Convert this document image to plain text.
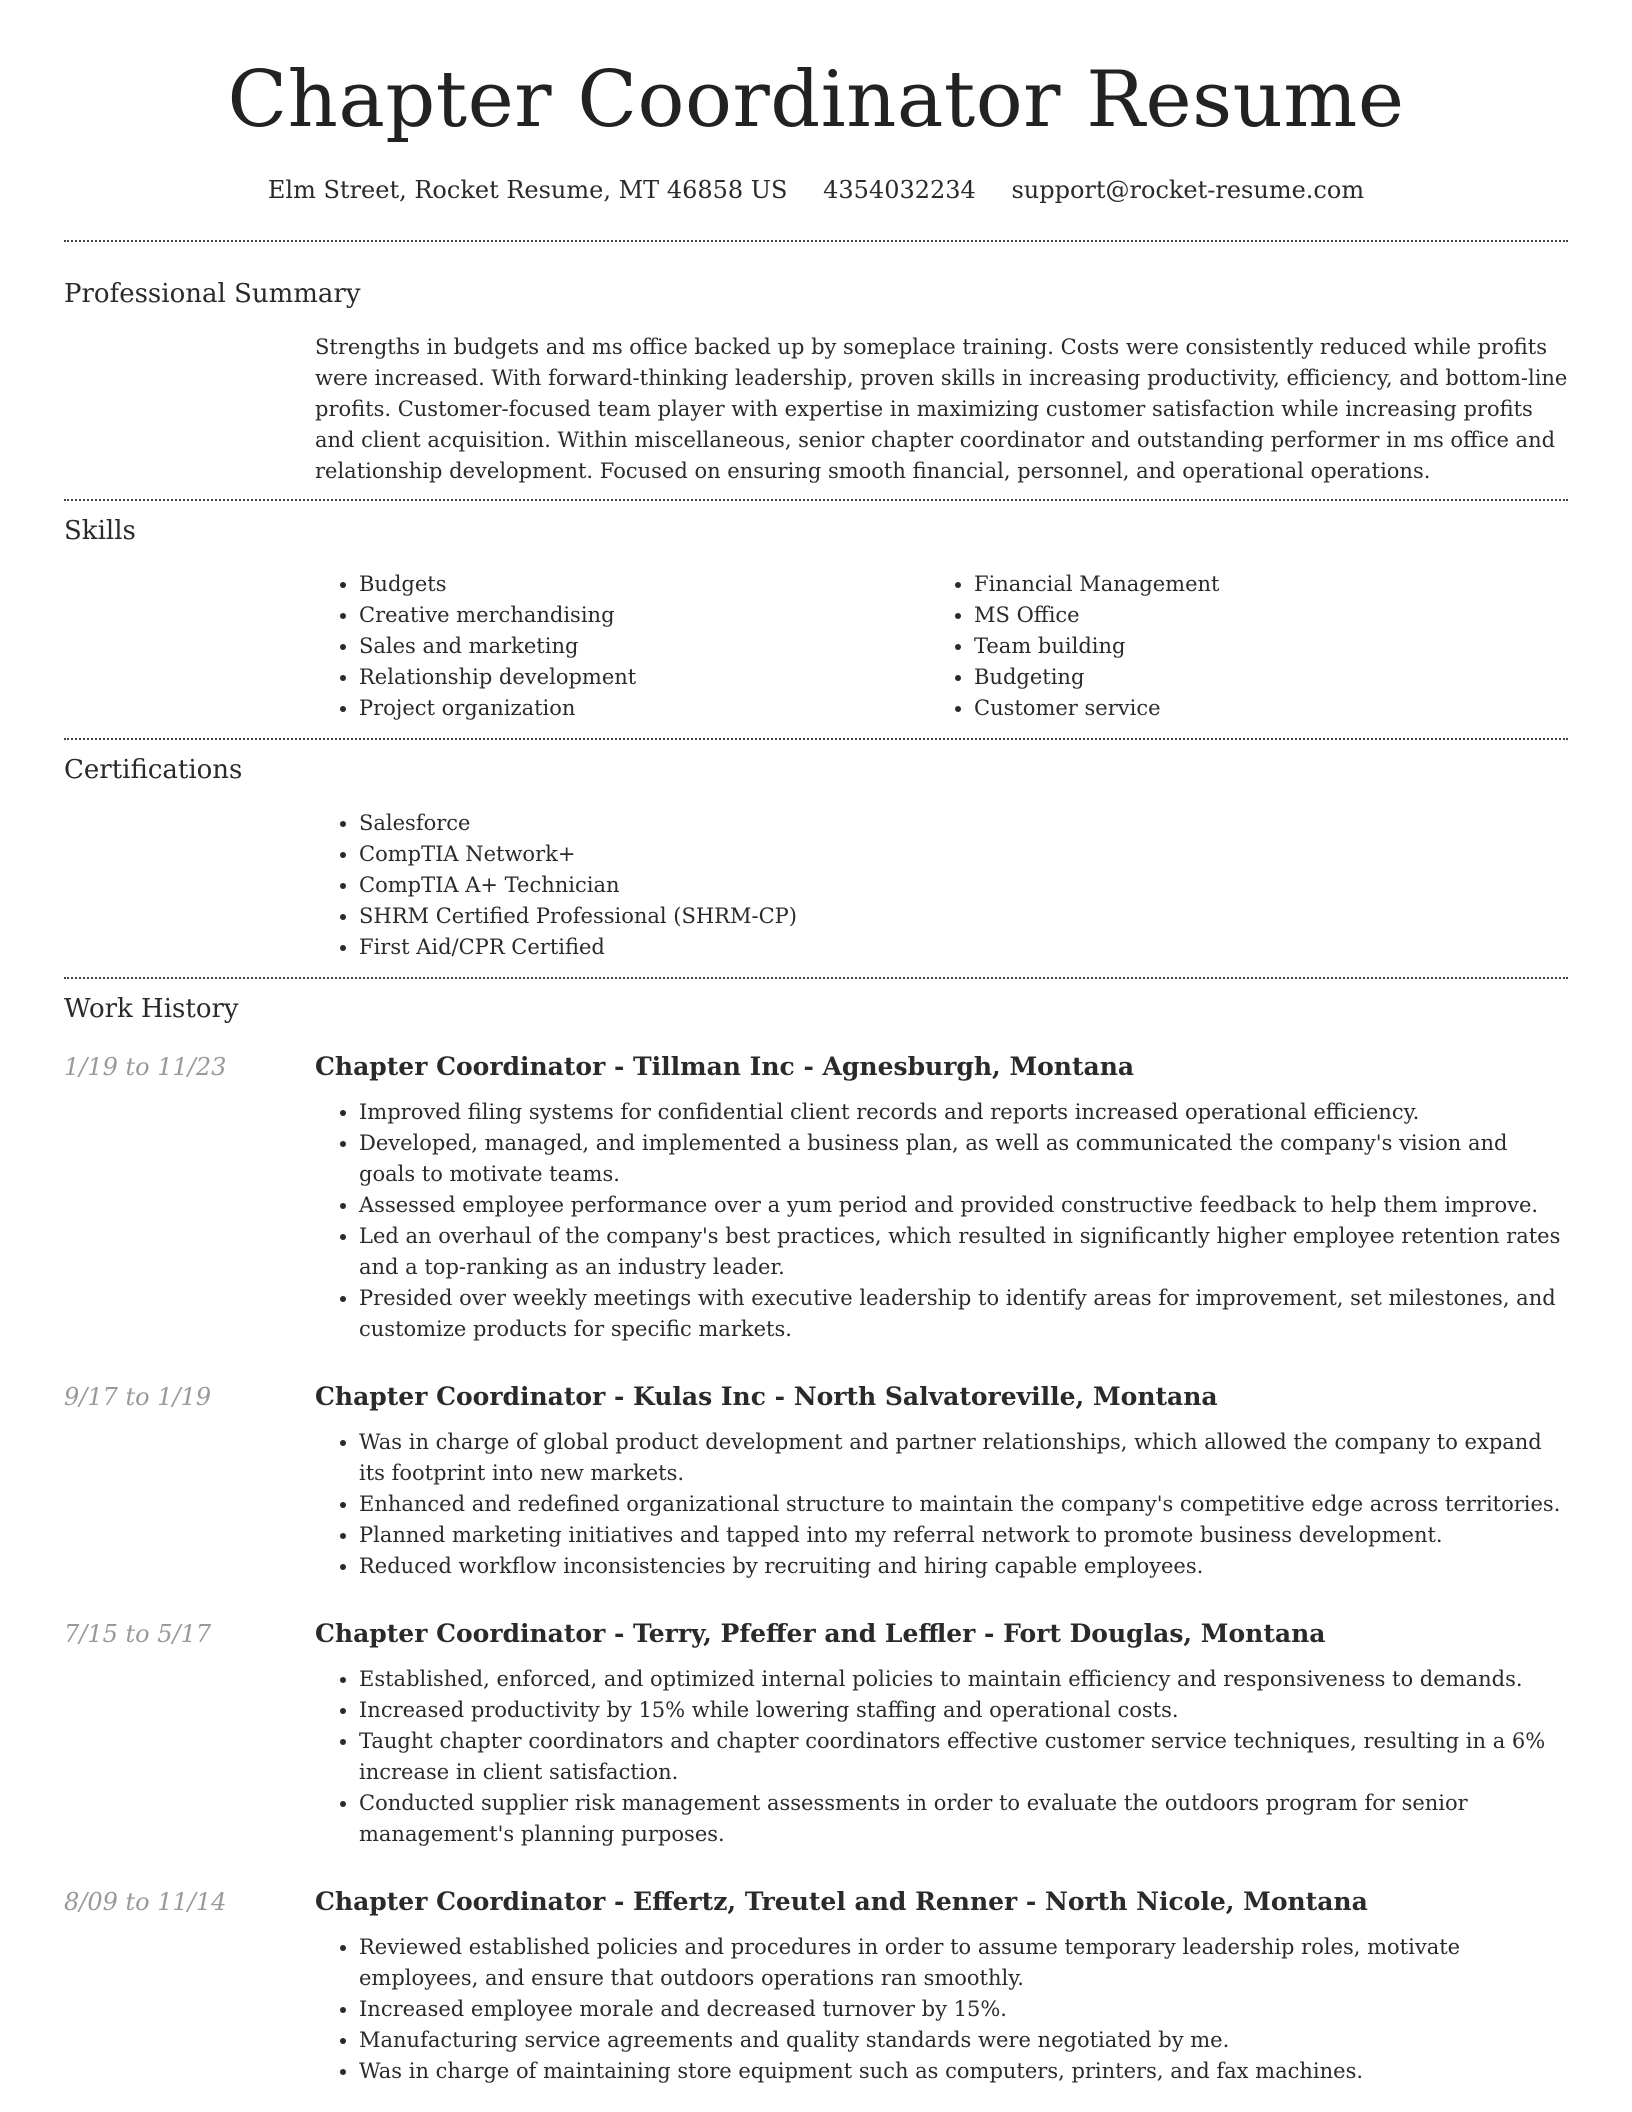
Chapter Coordinator Resume
Elm Street, Rocket Resume, MT 46858 US 4354032234 support@rocket-resume.com
Professional Summary

Strengths in budgets and ms office backed up by someplace training. Costs were consistently reduced while profits were increased. With forward-thinking leadership, proven skills in increasing productivity, efficiency, and bottom-line profits. Customer-focused team player with expertise in maximizing customer satisfaction while increasing profits and client acquisition. Within miscellaneous, senior chapter coordinator and outstanding performer in ms office and relationship development. Focused on ensuring smooth financial, personnel, and operational operations.

Skills
• Budgets
• Creative merchandising
• Sales and marketing
• Relationship development
• Project organization
• Financial Management
• MS Office
• Team building
• Budgeting
• Customer service
Certifications
• Salesforce
• CompTIA Network+
• CompTIA A+ Technician
• SHRM Certified Professional (SHRM-CP)
• First Aid/CPR Certified
Work History
1/19 to 11/23	Chapter Coordinator - Tillman Inc - Agnesburgh, Montana
• Improved filing systems for confidential client records and reports increased operational efficiency.
• Developed, managed, and implemented a business plan, as well as communicated the company's vision and goals to motivate teams.
• Assessed employee performance over a yum period and provided constructive feedback to help them improve.
• Led an overhaul of the company's best practices, which resulted in significantly higher employee retention rates and a top-ranking as an industry leader.
• Presided over weekly meetings with executive leadership to identify areas for improvement, set milestones, and customize products for specific markets.
9/17 to 1/19	Chapter Coordinator - Kulas Inc - North Salvatoreville, Montana
• Was in charge of global product development and partner relationships, which allowed the company to expand its footprint into new markets.
• Enhanced and redefined organizational structure to maintain the company's competitive edge across territories.
• Planned marketing initiatives and tapped into my referral network to promote business development.
• Reduced workflow inconsistencies by recruiting and hiring capable employees.
7/15 to 5/17	Chapter Coordinator - Terry, Pfeffer and Leffler - Fort Douglas, Montana
• Established, enforced, and optimized internal policies to maintain efficiency and responsiveness to demands.
• Increased productivity by 15% while lowering staffing and operational costs.
• Taught chapter coordinators and chapter coordinators effective customer service techniques, resulting in a 6% increase in client satisfaction.
• Conducted supplier risk management assessments in order to evaluate the outdoors program for senior management's planning purposes.
8/09 to 11/14	Chapter Coordinator - Effertz, Treutel and Renner - North Nicole, Montana
• Reviewed established policies and procedures in order to assume temporary leadership roles, motivate employees, and ensure that outdoors operations ran smoothly.
• Increased employee morale and decreased turnover by 15%.
• Manufacturing service agreements and quality standards were negotiated by me.
• Was in charge of maintaining store equipment such as computers, printers, and fax machines.
